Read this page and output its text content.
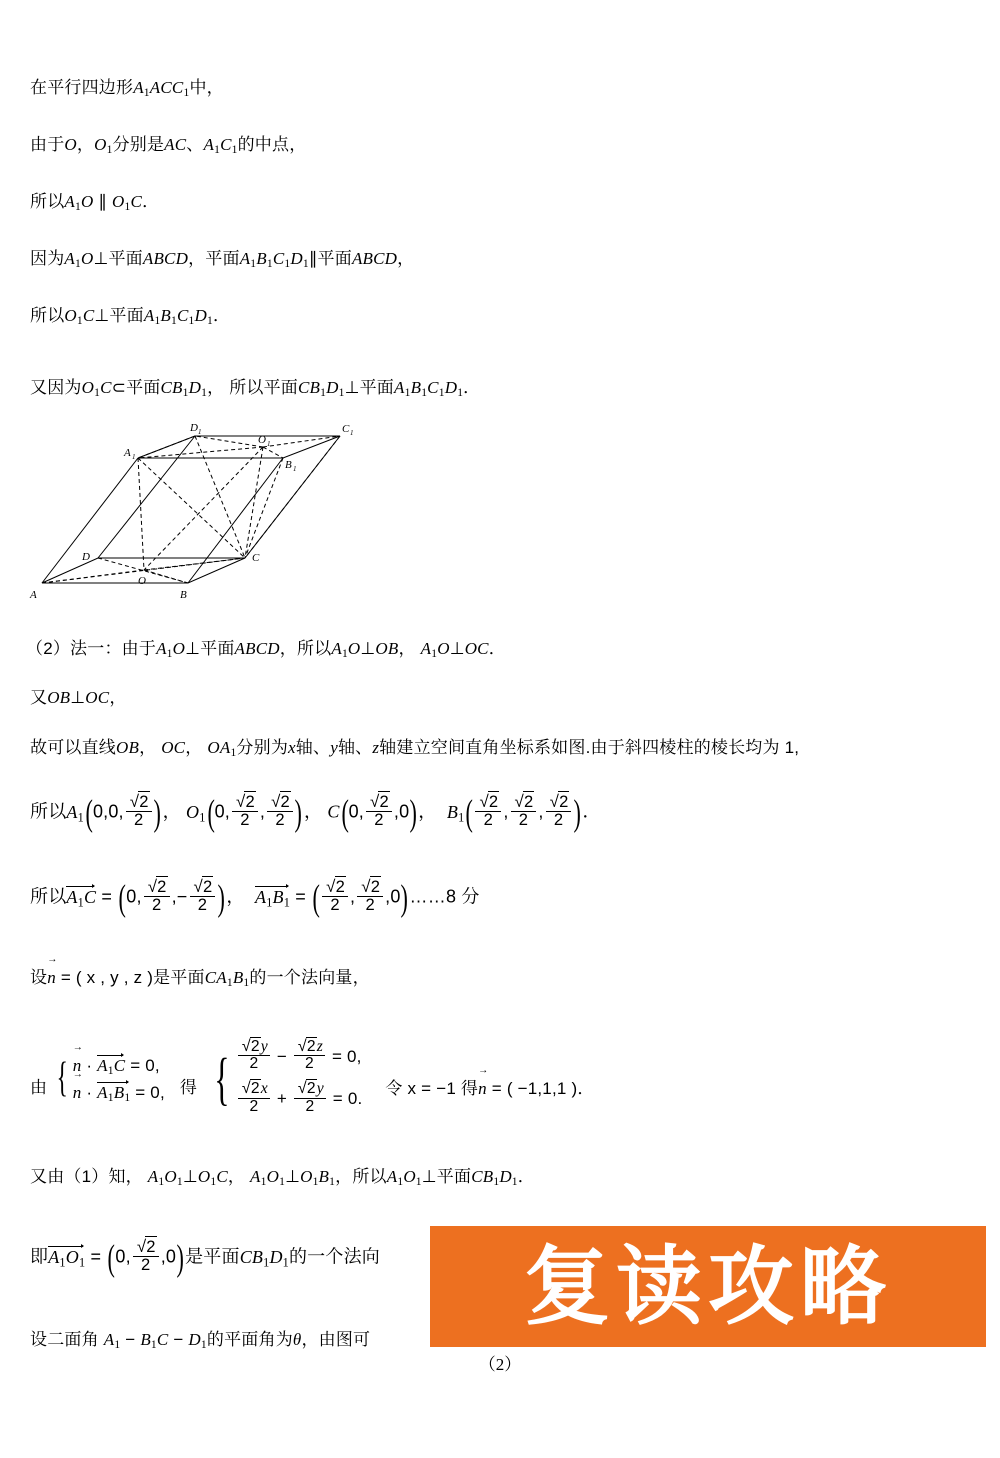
在平行四边形$A_1ACC_1$中，
由于O，$O_1$分别是AC、$A_1C_1$的中点，
所以$A_1O$ ∥ $O_1C$．
因为$A_1O\perp$平面ABCD，平面$A_1B_1C_1D_1\parallel$平面ABCD，
所以$O_1C\perp$平面$A_1B_1C_1D_1$．
又因为$O_1C\subset$平面$CB_1D_1$， 所以平面$CB_1D_1\perp$平面$A_1B_1C_1D_1$．
D 1
O 1
C 1
A 1
B 1
D	C
O
A	B
（2）法一：由于$A_1O\perp$平面ABCD，所以$A_1O\perp OB$， $A_1O\perp OC$．
又OB⊥OC，
故可以直线OB， OC， $OA_1$分别为x轴、y轴、z轴建立空间直角坐标系如图.由于斜四棱柱的棱长均为 1,
所以$A_1$ ( 0,0, $\frac{√2}{2}$
) ， $O_1$ ( 0, $\frac{√2}{2}$ , $\frac{√2}{2}$
) ， C ( 0, $\frac{√2}{2} ,0$ ) ，  $B_1$ ( $\frac{√2}{2}$ , $\frac{√2}{2}$ , $\frac{√2}{2}$
) ．
所以$A_1C$ = ( 0, $\frac{√2}{2}$ ,− $\frac{√2}{2}$
) ，  $A_1B_1$ = ( $\frac{√2}{2}$ , $\frac{√2}{2} ,0$ ) ……8 分
设n → = ( x , y , z )是平面$CA_1B_1$的一个法向量，
由 { n → · $A_1C = 0$,
n → · $A_1B_1 = 0$, 得 { $\frac{√2y}{2} - \frac{√2z}{2} = 0$,
$\frac{√2x}{2} + \frac{√2y}{2} = 0$.
令 x = −1 得n → = ( −1,1,1 )．
又由（1）知， $A_1O_1\perp O_1C$， $A_1O_1\perp O_1B_1$，所以$A_1O_1\perp$平面$CB_1D_1$．
即$A_1O_1$ = ( 0, $\frac{√2}{2} ,0$ ) 是平面$CB_1D_1$的一个法向
设二面角 $A_1 - B_1C - D_1$的平面角为θ，由图可
（2）
复读攻略
